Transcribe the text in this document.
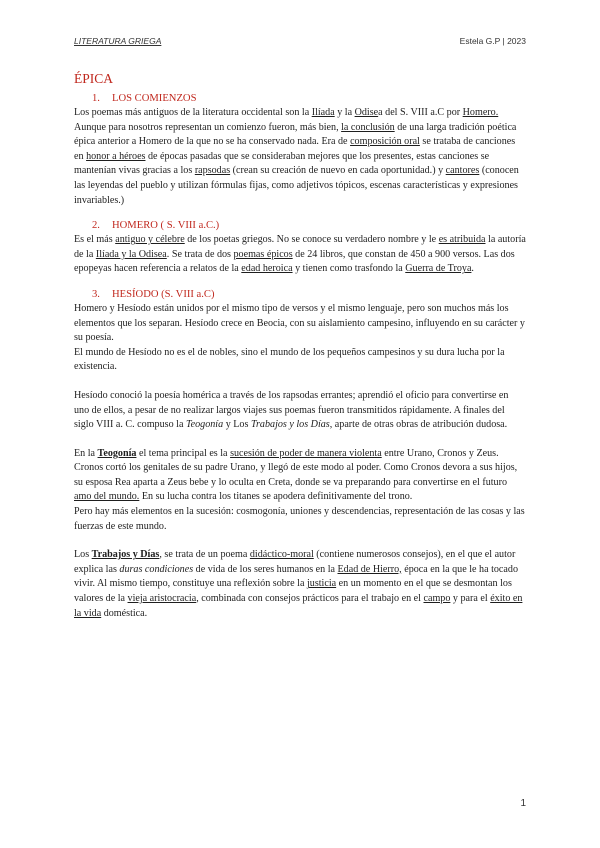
LITERATURA GRIEGA	Estela G.P | 2023
ÉPICA
1. LOS COMIENZOS

Los poemas más antiguos de la literatura occidental son la Ilíada y la Odisea del S. VIII a.C por Homero.

Aunque para nosotros representan un comienzo fueron, más bien, la conclusión de una larga tradición poética épica anterior a Homero de la que no se ha conservado nada. Era de composición oral se trataba de canciones en honor a héroes de épocas pasadas que se consideraban mejores que los presentes, estas canciones se mantenían vivas gracias a los rapsodas (crean su creación de nuevo en cada oportunidad.) y cantores (conocen las leyendas del pueblo y utilizan fórmulas fijas, como adjetivos tópicos, escenas características y expresiones invariables.)

2. HOMERO ( S. VIII a.C.)

Es el más antiguo y célebre de los poetas griegos. No se conoce su verdadero nombre y le es atribuida la autoría de la Ilíada y la Odisea. Se trata de dos poemas épicos de 24 libros, que constan de 450 a 900 versos. Las dos epopeyas hacen referencia a relatos de la edad heroica y tienen como trasfondo la Guerra de Troya.

3. HESÍODO (S. VIII a.C)

Homero y Hesíodo están unidos por el mismo tipo de versos y el mismo lenguaje, pero son muchos más los elementos que los separan. Hesíodo crece en Beocia, con su aislamiento campesino, influyendo en su carácter y su poesía.

El mundo de Hesíodo no es el de nobles, sino el mundo de los pequeños campesinos y su dura lucha por la existencia.

Hesíodo conoció la poesía homérica a través de los rapsodas errantes; aprendió el oficio para convertirse en uno de ellos, a pesar de no realizar largos viajes sus poemas fueron transmitidos rápidamente. A finales del siglo VIII a. C. compuso la Teogonía y Los Trabajos y los Días, aparte de otras obras de atribución dudosa.

En la Teogonía el tema principal es la sucesión de poder de manera violenta entre Urano, Cronos y Zeus. Cronos cortó los genitales de su padre Urano, y llegó de este modo al poder. Como Cronos devora a sus hijos, su esposa Rea aparta a Zeus bebe y lo oculta en Creta, donde se va preparando para convertirse en el futuro amo del mundo. En su lucha contra los titanes se apodera definitivamente del trono.

Pero hay más elementos en la sucesión: cosmogonía, uniones y descendencias, representación de las cosas y las fuerzas de este mundo.

Los Trabajos y Días, se trata de un poema didáctico-moral (contiene numerosos consejos), en el que el autor explica las duras condiciones de vida de los seres humanos en la Edad de Hierro, época en la que le ha tocado vivir. Al mismo tiempo, constituye una reflexión sobre la justicia en un momento en el que se desmontan los valores de la vieja aristocracia, combinada con consejos prácticos para el trabajo en el campo y para el éxito en la vida doméstica.

1
